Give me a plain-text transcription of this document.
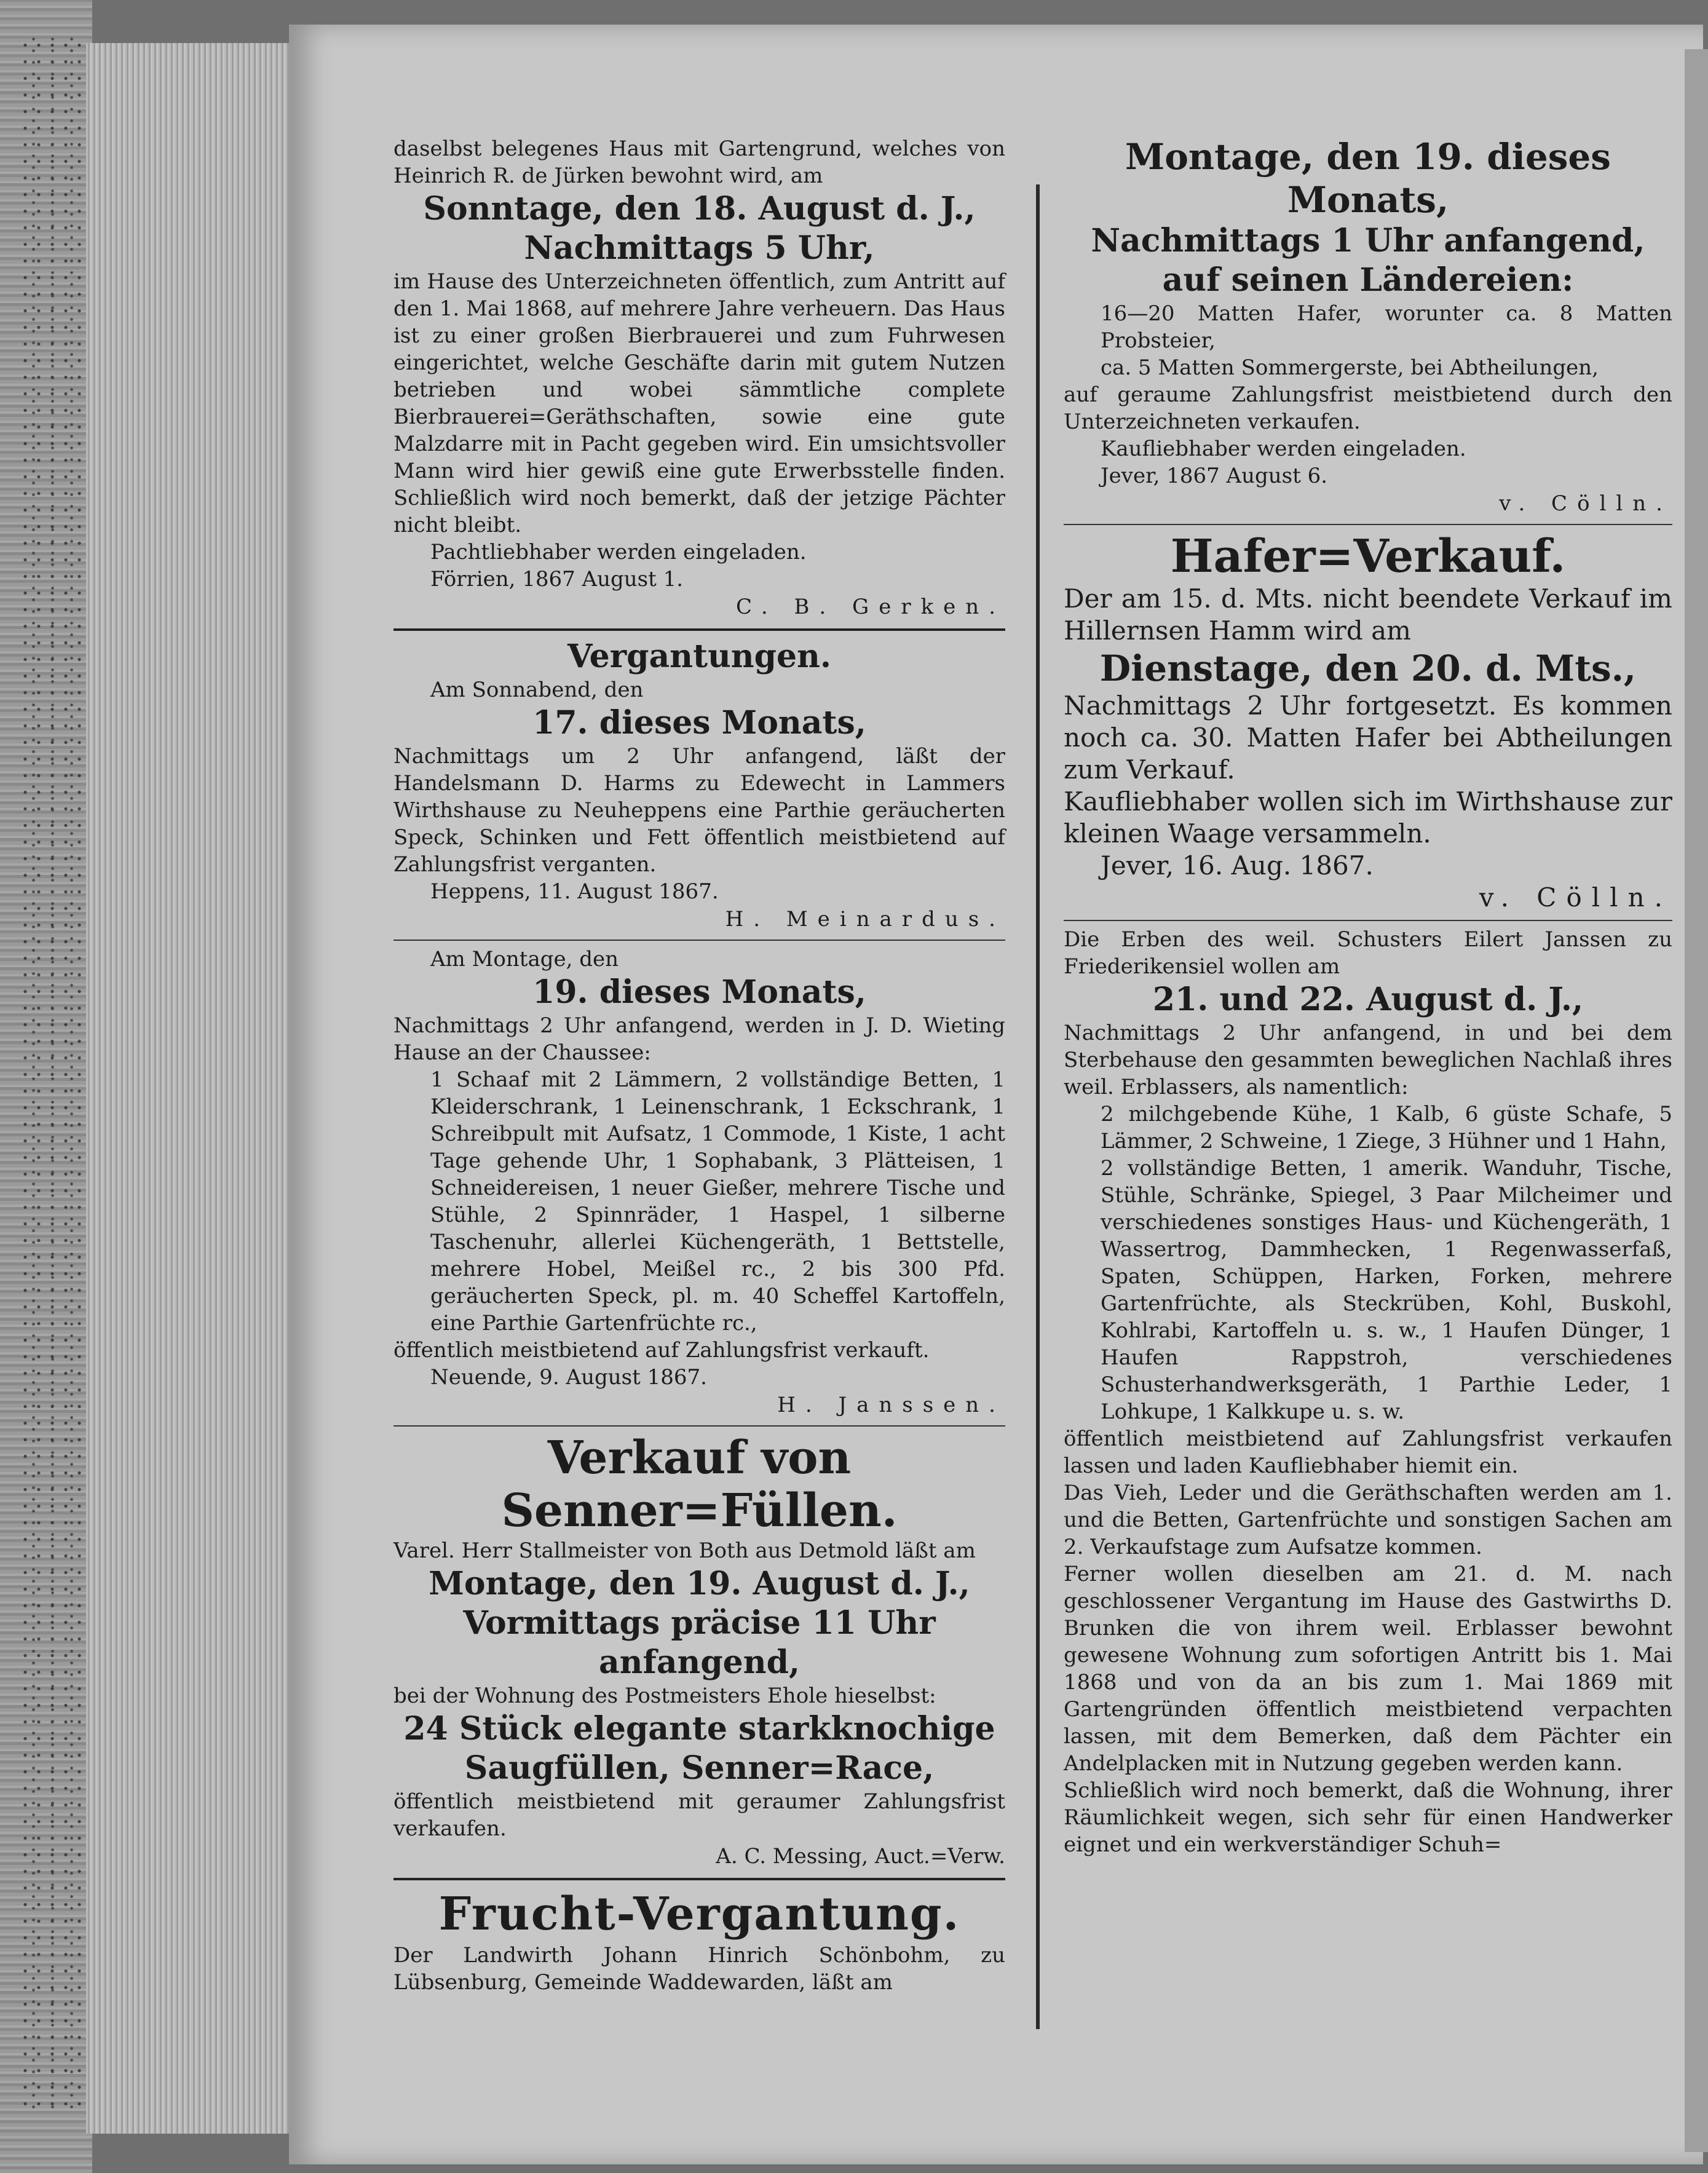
daselbst belegenes Haus mit Gartengrund, welches von Heinrich R. de Jürken bewohnt wird, am

Sonntage, den 18. August d. J.,

Nachmittags 5 Uhr,

im Hause des Unterzeichneten öffentlich, zum Antritt auf den 1. Mai 1868, auf mehrere Jahre verheuern. Das Haus ist zu einer großen Bierbrauerei und zum Fuhrwesen eingerichtet, welche Geschäfte darin mit gutem Nutzen betrieben und wobei sämmtliche complete Bierbrauerei=Geräthschaften, sowie eine gute Malzdarre mit in Pacht gegeben wird. Ein umsichtsvoller Mann wird hier gewiß eine gute Erwerbsstelle finden. Schließlich wird noch bemerkt, daß der jetzige Pächter nicht bleibt.

Pachtliebhaber werden eingeladen.

Förrien, 1867 August 1.

C. B. Gerken.

Vergantungen.

Am Sonnabend, den

17. dieses Monats,

Nachmittags um 2 Uhr anfangend, läßt der Handelsmann D. Harms zu Edewecht in Lammers Wirthshause zu Neuheppens eine Parthie geräucherten Speck, Schinken und Fett öffentlich meistbietend auf Zahlungsfrist verganten.

Heppens, 11. August 1867.

H. Meinardus.

Am Montage, den

19. dieses Monats,

Nachmittags 2 Uhr anfangend, werden in J. D. Wieting Hause an der Chaussee:

1 Schaaf mit 2 Lämmern, 2 vollständige Betten, 1 Kleiderschrank, 1 Leinenschrank, 1 Eckschrank, 1 Schreibpult mit Aufsatz, 1 Commode, 1 Kiste, 1 acht Tage gehende Uhr, 1 Sophabank, 3 Plätteisen, 1 Schneidereisen, 1 neuer Gießer, mehrere Tische und Stühle, 2 Spinnräder, 1 Haspel, 1 silberne Taschenuhr, allerlei Küchengeräth, 1 Bettstelle, mehrere Hobel, Meißel rc., 2 bis 300 Pfd. geräucherten Speck, pl. m. 40 Scheffel Kartoffeln, eine Parthie Gartenfrüchte rc.,

öffentlich meistbietend auf Zahlungsfrist verkauft.

Neuende, 9. August 1867.

H. Janssen.

Verkauf von

Senner=Füllen.

Varel. Herr Stallmeister von Both aus Detmold läßt am

Montage, den 19. August d. J.,

Vormittags präcise 11 Uhr anfangend,

bei der Wohnung des Postmeisters Ehole hieselbst:

24 Stück elegante starkknochige

Saugfüllen, Senner=Race,

öffentlich meistbietend mit geraumer Zahlungsfrist verkaufen.

A. C. Messing, Auct.=Verw.

Frucht-Vergantung.

Der Landwirth Johann Hinrich Schönbohm, zu Lübsenburg, Gemeinde Waddewarden, läßt am

Montage, den 19. dieses Monats,

Nachmittags 1 Uhr anfangend,

auf seinen Ländereien:

16—20 Matten Hafer, worunter ca. 8 Matten Probsteier,

ca. 5 Matten Sommergerste, bei Abtheilungen,

auf geraume Zahlungsfrist meistbietend durch den Unterzeichneten verkaufen.

Kaufliebhaber werden eingeladen.

Jever, 1867 August 6.

v. Cölln.

Hafer=Verkauf.

Der am 15. d. Mts. nicht beendete Verkauf im Hillernsen Hamm wird am

Dienstage, den 20. d. Mts.,

Nachmittags 2 Uhr fortgesetzt. Es kommen noch ca. 30. Matten Hafer bei Abtheilungen zum Verkauf.

Kaufliebhaber wollen sich im Wirthshause zur kleinen Waage versammeln.

Jever, 16. Aug. 1867.

v. Cölln.

Die Erben des weil. Schusters Eilert Janssen zu Friederikensiel wollen am

21. und 22. August d. J.,

Nachmittags 2 Uhr anfangend, in und bei dem Sterbehause den gesammten beweglichen Nachlaß ihres weil. Erblassers, als namentlich:

2 milchgebende Kühe, 1 Kalb, 6 güste Schafe, 5 Lämmer, 2 Schweine, 1 Ziege, 3 Hühner und 1 Hahn,

2 vollständige Betten, 1 amerik. Wanduhr, Tische, Stühle, Schränke, Spiegel, 3 Paar Milcheimer und verschiedenes sonstiges Haus- und Küchengeräth, 1 Wassertrog, Dammhecken, 1 Regenwasserfaß, Spaten, Schüppen, Harken, Forken, mehrere Gartenfrüchte, als Steckrüben, Kohl, Buskohl, Kohlrabi, Kartoffeln u. s. w., 1 Haufen Dünger, 1 Haufen Rappstroh, verschiedenes Schusterhandwerksgeräth, 1 Parthie Leder, 1 Lohkupe, 1 Kalkkupe u. s. w.

öffentlich meistbietend auf Zahlungsfrist verkaufen lassen und laden Kaufliebhaber hiemit ein.

Das Vieh, Leder und die Geräthschaften werden am 1. und die Betten, Gartenfrüchte und sonstigen Sachen am 2. Verkaufstage zum Aufsatze kommen.

Ferner wollen dieselben am 21. d. M. nach geschlossener Vergantung im Hause des Gastwirths D. Brunken die von ihrem weil. Erblasser bewohnt gewesene Wohnung zum sofortigen Antritt bis 1. Mai 1868 und von da an bis zum 1. Mai 1869 mit Gartengründen öffentlich meistbietend verpachten lassen, mit dem Bemerken, daß dem Pächter ein Andelplacken mit in Nutzung gegeben werden kann.

Schließlich wird noch bemerkt, daß die Wohnung, ihrer Räumlichkeit wegen, sich sehr für einen Handwerker eignet und ein werkverständiger Schuh=
